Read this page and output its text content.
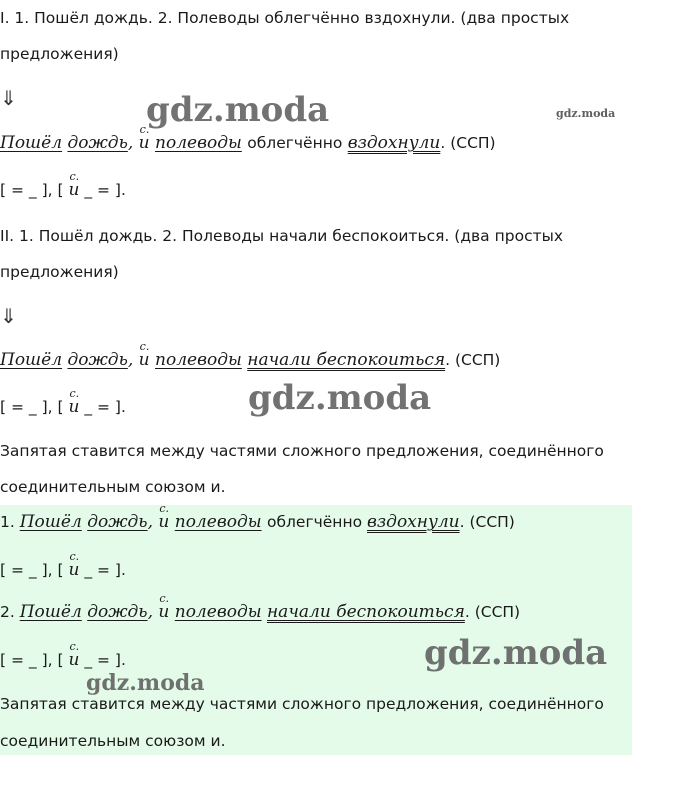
I. 1. Пошёл дождь. 2. Полеводы облегчённо вздохнули. (два простых
предложения)
⇓
Пошёл дождь,
с.
и полеводы облегчённо вздохнули. (ССП)
[ = _ ], [
с.
и _ = ].
II. 1. Пошёл дождь. 2. Полеводы начали беспокоиться. (два простых
предложения)
⇓
Пошёл дождь,
с.
и полеводы начали беспокоиться. (ССП)
[ = _ ], [
с.
и _ = ].
Запятая ставится между частями сложного предложения, соединённого
соединительным союзом и.
1. Пошёл дождь,
с.
и полеводы облегчённо вздохнули. (ССП)
[ = _ ], [
с.
и _ = ].
2. Пошёл дождь,
с.
и полеводы начали беспокоиться. (ССП)
[ = _ ], [
с.
и _ = ].
Запятая ставится между частями сложного предложения, соединённого
соединительным союзом и.
gdz.moda	gdz.moda
gdz.moda
gdz.moda
gdz.moda
